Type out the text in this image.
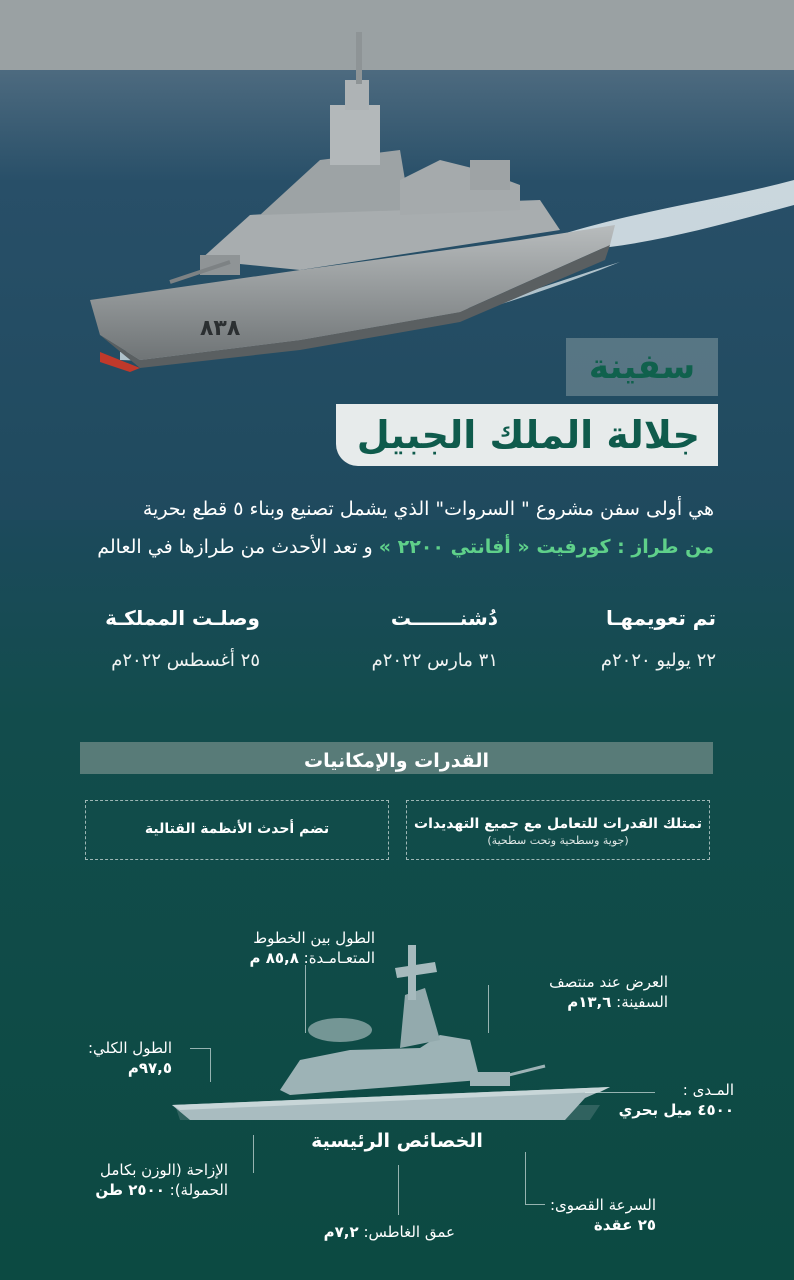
٨٣٨
سفينة
جلالة الملك الجبيل
هي أولى سفن مشروع " السروات" الذي يشمل تصنيع وبناء ٥ قطع بحرية
من طراز : كورفيت « أفانتي ٢٢٠٠ » و تعد الأحدث من طرازها في العالم
تم تعويمهـا
٢٢ يوليو ٢٠٢٠م
دُشنـــــــت
٣١ مارس ٢٠٢٢م
وصلـت المملكـة
٢٥ أغسطس ٢٠٢٢م
القدرات والإمكانيات
تمتلك القدرات للتعامل مع جميع التهديدات
(جوية وسطحية وتحت سطحية)
تضم أحدث الأنظمة القتالية
الطول بين الخطوط
المتعـامـدة: ٨٥,٨ م
العرض عند منتصف
السفينة: ١٣,٦م
الطول الكلي:
٩٧,٥م
المـدى :
٤٥٠٠ ميل بحري
الخصائص الرئيسية
الإزاحة (الوزن بكامل
الحمولة): ٢٥٠٠ طن
السرعة القصوى:
٢٥ عقدة
عمق الغاطس: ٧,٢م
